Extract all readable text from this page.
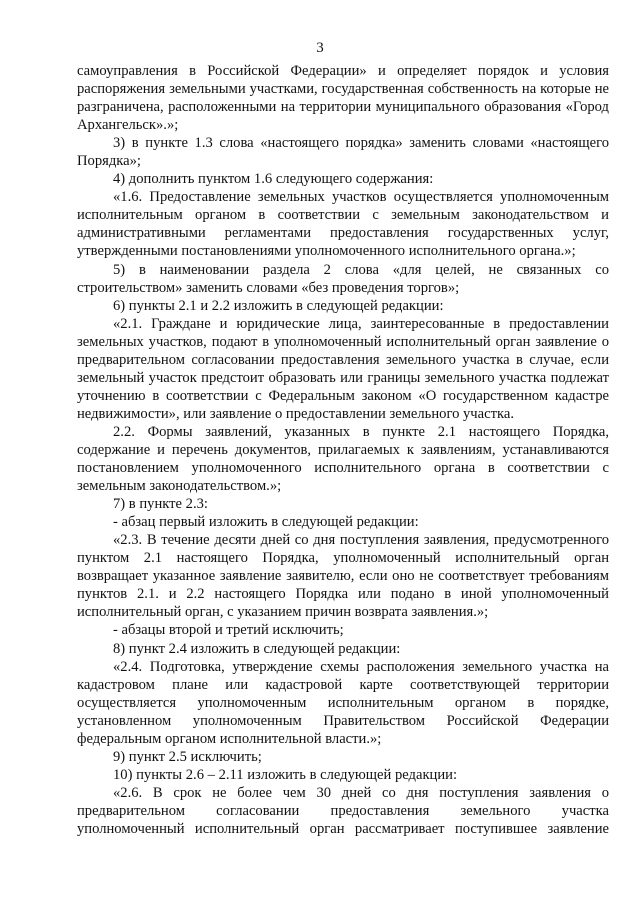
3

самоуправления в Российской Федерации» и определяет порядок и условия распоряжения земельными участками, государственная собственность на которые не разграничена, расположенными на территории муниципального образования «Город Архангельск».»;

3) в пункте 1.3 слова «настоящего порядка» заменить словами «настоящего Порядка»;

4) дополнить пунктом 1.6 следующего содержания:

«1.6. Предоставление земельных участков осуществляется уполномоченным исполнительным органом в соответствии с земельным законодательством и административными регламентами предоставления государственных услуг, утвержденными постановлениями уполномоченного исполнительного органа.»;

5) в наименовании раздела 2 слова «для целей, не связанных со строительством» заменить словами «без проведения торгов»;

6) пункты 2.1 и 2.2 изложить в следующей редакции:

«2.1. Граждане и юридические лица, заинтересованные в предоставлении земельных участков, подают в уполномоченный исполнительный орган заявление о предварительном согласовании предоставления земельного участка в случае, если земельный участок предстоит образовать или границы земельного участка подлежат уточнению в соответствии с Федеральным законом «О государственном кадастре недвижимости», или заявление о предоставлении земельного участка.

2.2. Формы заявлений, указанных в пункте 2.1 настоящего Порядка, содержание и перечень документов, прилагаемых к заявлениям, устанавливаются постановлением уполномоченного исполнительного органа в соответствии с земельным законодательством.»;

7) в пункте 2.3:

- абзац первый изложить в следующей редакции:

«2.3. В течение десяти дней со дня поступления заявления, предусмотренного пунктом 2.1 настоящего Порядка, уполномоченный исполнительный орган возвращает указанное заявление заявителю, если оно не соответствует требованиям пунктов 2.1. и 2.2 настоящего Порядка или подано в иной уполномоченный исполнительный орган, с указанием причин возврата заявления.»;

- абзацы второй и третий исключить;

8) пункт 2.4 изложить в следующей редакции:

«2.4. Подготовка, утверждение схемы расположения земельного участка на кадастровом плане или кадастровой карте соответствующей территории осуществляется уполномоченным исполнительным органом в порядке, установленном уполномоченным Правительством Российской Федерации федеральным органом исполнительной власти.»;

9) пункт 2.5 исключить;

10) пункты 2.6 – 2.11 изложить в следующей редакции:

«2.6. В срок не более чем 30 дней со дня поступления заявления о предварительном согласовании предоставления земельного участка уполномоченный исполнительный орган рассматривает поступившее заявление
